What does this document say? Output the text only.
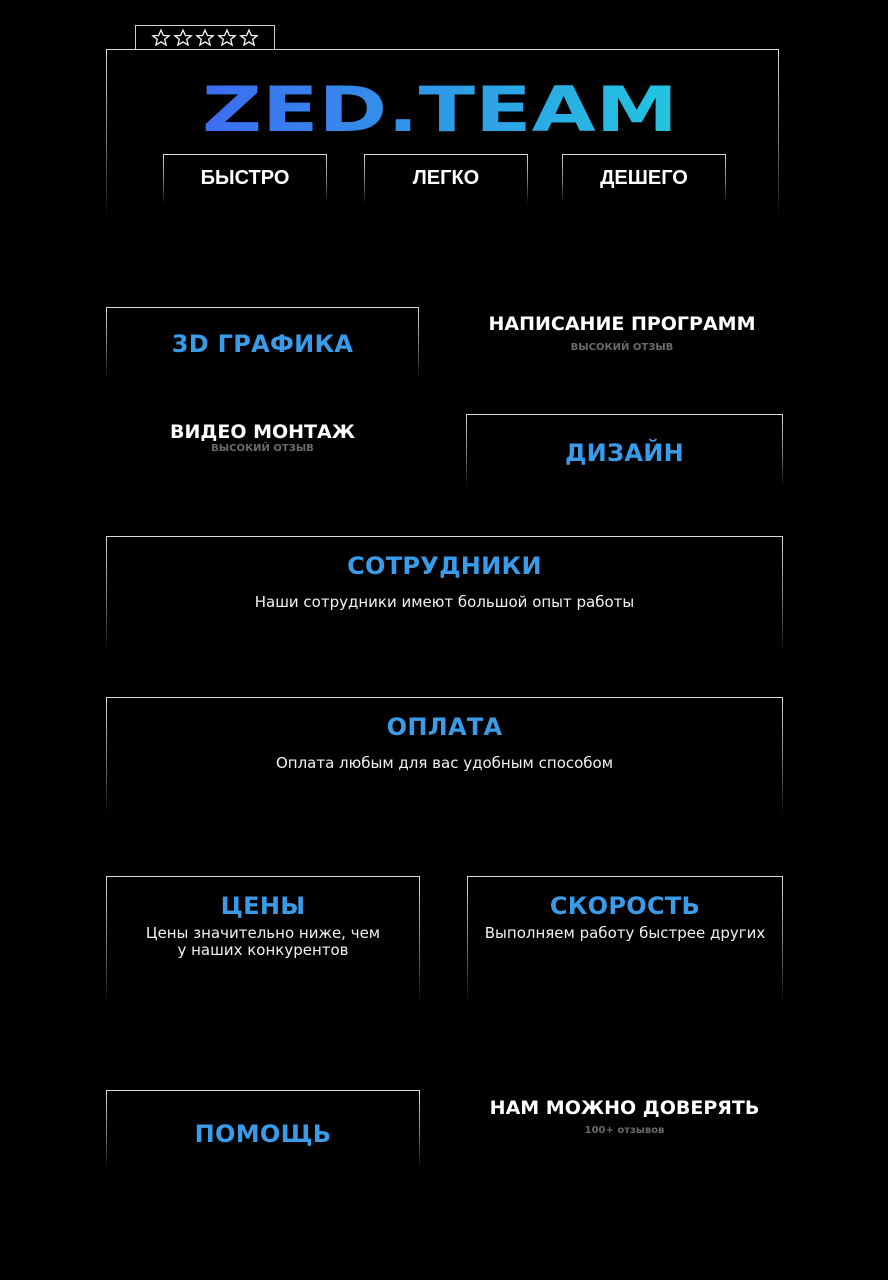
ZED.TEAM
БЫСТРО	ЛЕГКО	ДЕШЕГО
3D ГРАФИКА
НАПИСАНИЕ ПРОГРАММ
ВЫСОКИЙ ОТЗЫВ
ВИДЕО МОНТАЖ
ВЫСОКИЙ ОТЗЫВ	ДИЗАЙН
СОТРУДНИКИ
Наши сотрудники имеют большой опыт работы
ОПЛАТА
Оплата любым для вас удобным способом
ЦЕНЫ
Цены значительно ниже, чем
у наших конкурентов
СКОРОСТЬ
Выполняем работу быстрее других
ПОМОЩЬ
НАМ МОЖНО ДОВЕРЯТЬ
100+ отзывов
